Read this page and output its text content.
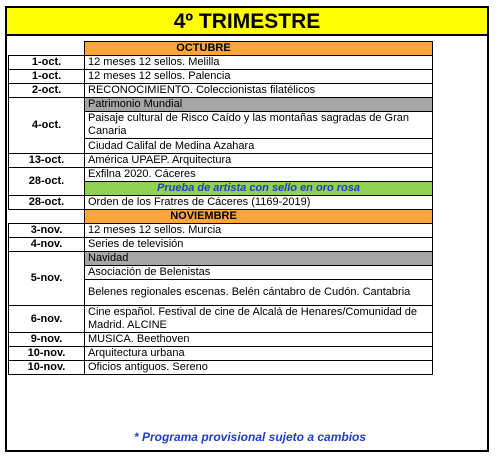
4º TRIMESTRE
	OCTUBRE
1-oct.	12 meses 12 sellos. Melilla
1-oct.	12 meses 12 sellos. Palencia
2-oct.	RECONOCIMIENTO. Coleccionistas filatélicos
4-oct.	Patrimonio Mundial
	Paisaje cultural de Risco Caído y las montañas sagradas de Gran Canaria
	Ciudad Califal de Medina Azahara
13-oct.	América UPAEP. Arquitectura
28-oct.	Exfilna 2020. Cáceres
	Prueba de artista con sello en oro rosa
28-oct.	Orden de los Fratres de Cáceres (1169-2019)
	NOVIEMBRE
3-nov.	12 meses 12 sellos. Murcia
4-nov.	Series de televisión
5-nov.	Navidad
	Asociación de Belenistas
	Belenes regionales escenas. Belén cántabro de Cudón. Cantabria
6-nov.	Cine español. Festival de cine de Alcalá de Henares/Comunidad de Madrid. ALCINE
9-nov.	MÚSICA. Beethoven
10-nov.	Arquitectura urbana
10-nov.	Oficios antiguos. Sereno
* Programa provisional sujeto a cambios
